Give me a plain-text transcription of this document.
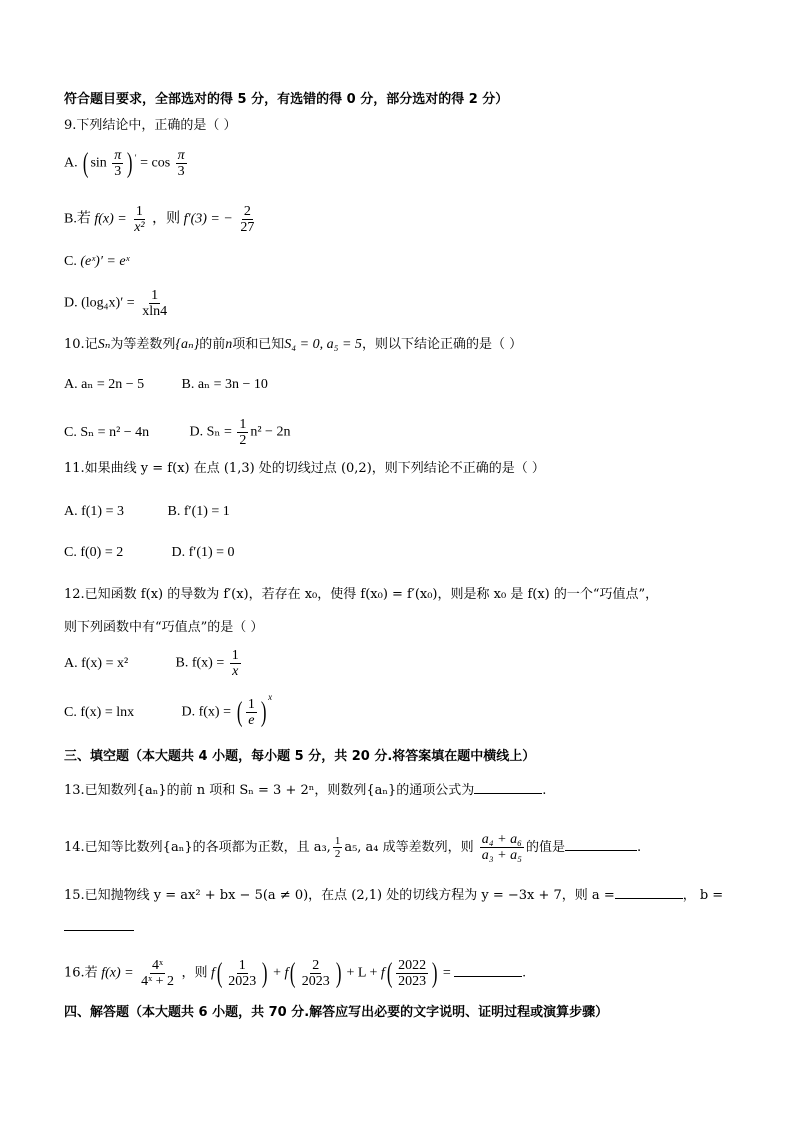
符合题目要求，全部选对的得 5 分，有选错的得 0 分，部分选对的得 2 分）
9.下列结论中，正确的是（ ）
A. ( $\sin \frac{\pi}{3}$ ) $' = \cos \frac{\pi}{3}$
B.若 $f(x) = \frac{1}{\text{x²}}$ ，则 f′(3) = − $\frac{2}{27}$
C. (eˣ)′ = eˣ
D. $(\log_4x)' = \frac{1}{xln4}$
10.记Sₙ为等差数列{aₙ}的前n项和已知S₄ = 0, a₅ = 5，则以下结论正确的是（ ）
A. aₙ = 2n − 5	B. aₙ = 3n − 10
C. Sₙ = n² − 4n	D. $S_n = \frac{1}{2} n^2 - 2n$
11.如果曲线 y = f(x) 在点 (1,3) 处的切线过点 (0,2)，则下列结论不正确的是（ ）
A. f(1) = 3	B. f′(1) = 1
C. f(0) = 2	D. f′(1) = 0
12.已知函数 f(x) 的导数为 f′(x)，若存在 x₀，使得 f(x₀) = f′(x₀)，则是称 x₀ 是 f(x) 的一个“巧值点”，
则下列函数中有“巧值点”的是（ ）
A. f(x) = x²	B. $f(x) = \frac{1}{x}$
C. f(x) = lnx	D. f(x) = ( $\frac{1}{e}$ ) $^x$
三、填空题（本大题共 4 小题，每小题 5 分，共 20 分.将答案填在题中横线上）
13.已知数列{aₙ}的前 n 项和 Sₙ = 3 + 2ⁿ，则数列{aₙ}的通项公式为	.
14.已知等比数列{aₙ}的各项都为正数，且 a₃, $\frac{1}{2} a_5$, a₄ 成等差数列，则 $\frac{\text{a₄ + a₆}}{\text{a₃ + a₅}}$ 的值是	.
15.已知抛物线 y = ax² + bx − 5(a ≠ 0)，在点 (2,1) 处的切线方程为 y = −3x + 7，则 a =	， b =
16.若 $f(x) = \frac{\text{4ˣ}}{\text{4ˣ + 2}}$ ，则 $f( \frac{1}{2023}$ ) + $f( \frac{2}{2023}$ ) + $L + f( \frac{2022}{2023}$ ) =	.
四、解答题（本大题共 6 小题，共 70 分.解答应写出必要的文字说明、证明过程或演算步骤）
